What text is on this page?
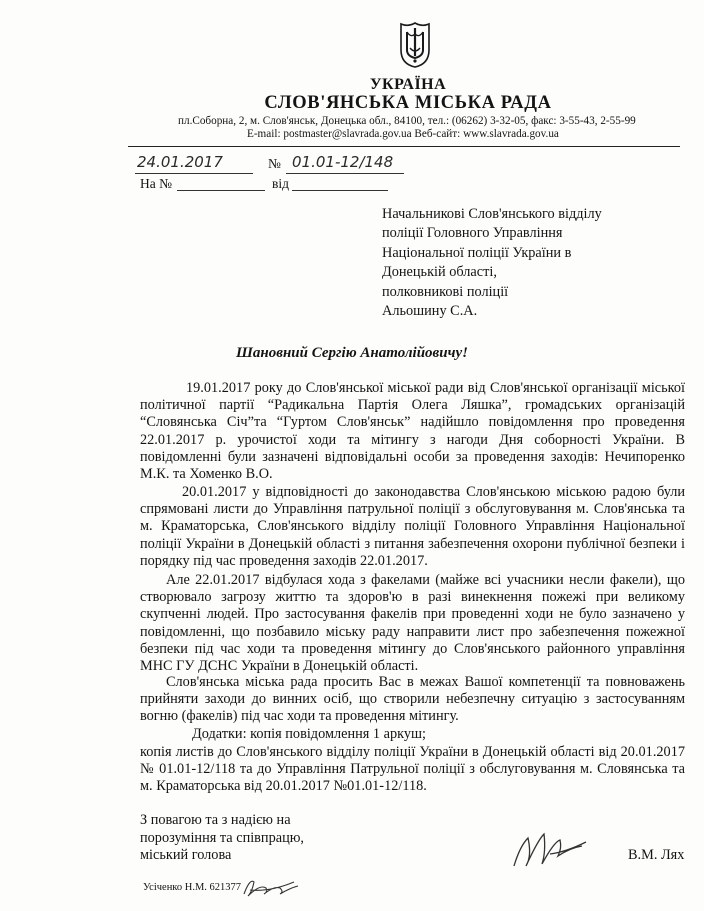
УКРАЇНА

СЛОВ'ЯНСЬКА МІСЬКА РАДА

пл.Соборна, 2, м. Слов'янськ, Донецька обл., 84100, тел.: (06262) 3-32-05, факс: 3-55-43, 2-55-99

E-mail: postmaster@slavrada.gov.ua Веб-сайт: www.slavrada.gov.ua

24.01.2017	№ 01.01-12/148
На №	від
Начальникові Слов'янського відділу
поліції Головного Управління
Національної поліції України в
Донецькій області,
полковникові поліції
Альошину С.А.

Шановний Сергію Анатолійовичу!

19.01.2017 року до Слов'янської міської ради від Слов'янської організації міської політичної партії “Радикальна Партія Олега Ляшка”, громадських організацій “Словянська Січ”та “Гуртом Слов'янськ” надійшло повідомлення про проведення 22.01.2017 р. урочистої ходи та мітингу з нагоди Дня соборності України. В повідомленні були зазначені відповідальні особи за проведення заходів: Нечипоренко М.К. та Хоменко В.О.

20.01.2017 у відповідності до законодавства Слов'янською міською радою були спрямовані листи до Управління патрульної поліції з обслуговування м. Слов'янська та м. Краматорська, Слов'янського відділу поліції Головного Управління Національної поліції України в Донецькій області з питання забезпечення охорони публічної безпеки і порядку під час проведення заходів 22.01.2017.

Але 22.01.2017 відбулася хода з факелами (майже всі учасники несли факели), що створювало загрозу життю та здоров'ю в разі винекнення пожежі при великому скупченні людей. Про застосування факелів при проведенні ходи не було зазначено у повідомленні, що позбавило міську раду направити лист про забезпечення пожежної безпеки під час ходи та проведення мітингу до Слов'янського районного управління МНС ГУ ДСНС України в Донецькій області.

Слов'янська міська рада просить Вас в межах Вашої компетенції та повноважень прийняти заходи до винних осіб, що створили небезпечну ситуацію з застосуванням вогню (факелів) під час ходи та проведення мітингу.

Додатки: копія повідомлення 1 аркуш;

копія листів до Слов'янського відділу поліції України в Донецькій області від 20.01.2017 № 01.01-12/118 та до Управління Патрульної поліції з обслуговування м. Словянська та м. Краматорська від 20.01.2017 №01.01-12/118.

З повагою та з надією на
порозуміння та співпрацю,
міський голова	В.М. Лях
Усіченко Н.М. 621377
